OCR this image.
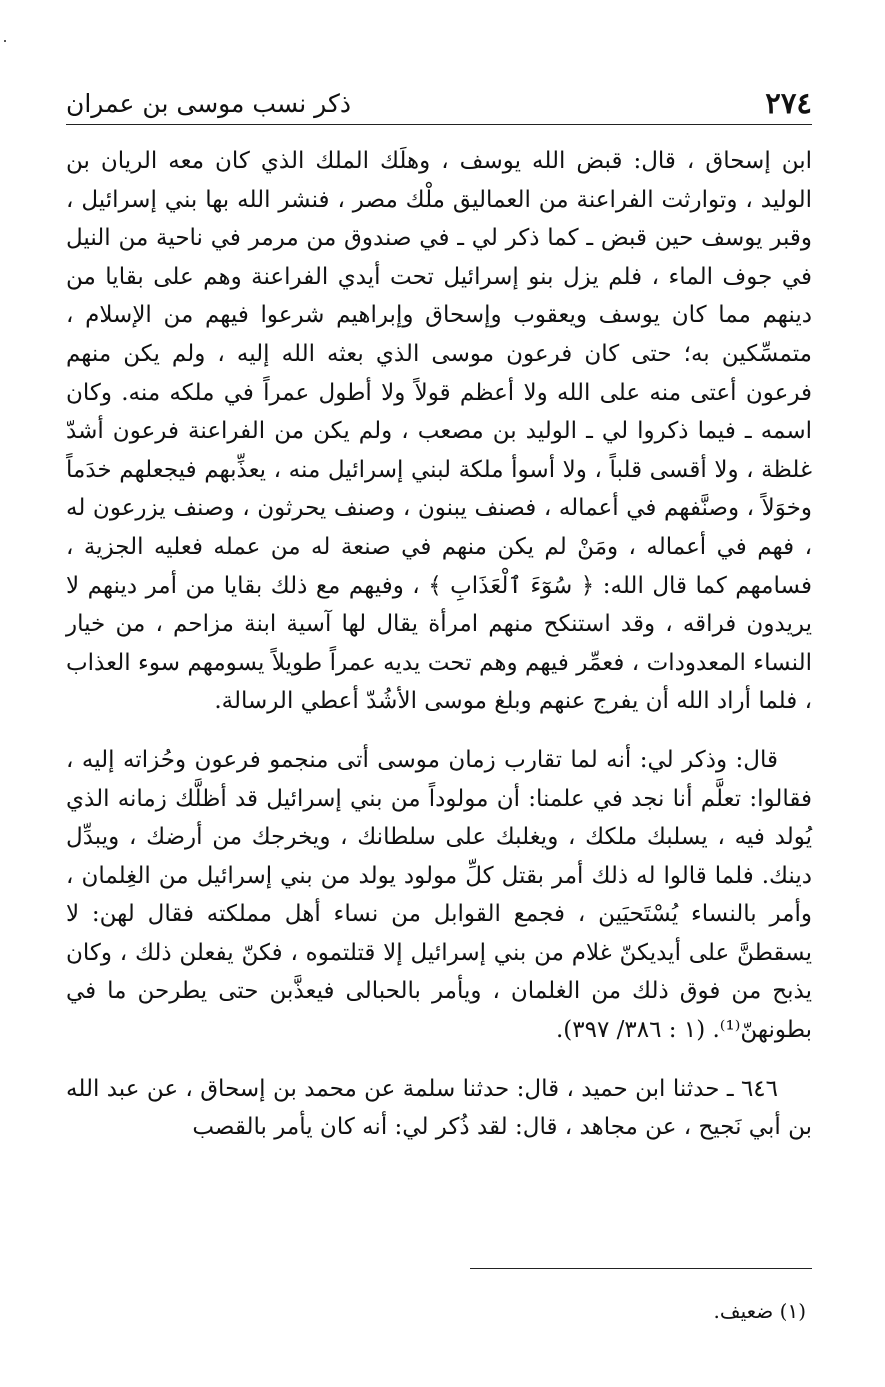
٢٧٤
ذكر نسب موسى بن عمران

ابن إسحاق ، قال: قبض الله يوسف ، وهلَك الملك الذي كان معه الريان بن الوليد ، وتوارثت الفراعنة من العماليق ملْك مصر ، فنشر الله بها بني إسرائيل ، وقبر يوسف حين قبض ـ كما ذكر لي ـ في صندوق من مرمر في ناحية من النيل في جوف الماء ، فلم يزل بنو إسرائيل تحت أيدي الفراعنة وهم على بقايا من دينهم مما كان يوسف ويعقوب وإسحاق وإبراهيم شرعوا فيهم من الإسلام ، متمسِّكين به؛ حتى كان فرعون موسى الذي بعثه الله إليه ، ولم يكن منهم فرعون أعتى منه على الله ولا أعظم قولاً ولا أطول عمراً في ملكه منه. وكان اسمه ـ فيما ذكروا لي ـ الوليد بن مصعب ، ولم يكن من الفراعنة فرعون أشدّ غلظة ، ولا أقسى قلباً ، ولا أسوأ ملكة لبني إسرائيل منه ، يعذِّبهم فيجعلهم خدَماً وخوَلاً ، وصنَّفهم في أعماله ، فصنف يبنون ، وصنف يحرثون ، وصنف يزرعون له ، فهم في أعماله ، ومَنْ لم يكن منهم في صنعة له من عمله فعليه الجزية ، فسامهم كما قال الله: ﴿ سُوٓءَ ٱلْعَذَابِ ﴾ ، وفيهم مع ذلك بقايا من أمر دينهم لا يريدون فراقه ، وقد استنكح منهم امرأة يقال لها آسية ابنة مزاحم ، من خيار النساء المعدودات ، فعمِّر فيهم وهم تحت يديه عمراً طويلاً يسومهم سوء العذاب ، فلما أراد الله أن يفرج عنهم وبلغ موسى الأشُدّ أعطي الرسالة.

قال: وذكر لي: أنه لما تقارب زمان موسى أتى منجمو فرعون وحُزاته إليه ، فقالوا: تعلَّم أنا نجد في علمنا: أن مولوداً من بني إسرائيل قد أظلَّك زمانه الذي يُولد فيه ، يسلبك ملكك ، ويغلبك على سلطانك ، ويخرجك من أرضك ، ويبدِّل دينك. فلما قالوا له ذلك أمر بقتل كلِّ مولود يولد من بني إسرائيل من الغِلمان ، وأمر بالنساء يُسْتَحيَين ، فجمع القوابل من نساء أهل مملكته فقال لهن: لا يسقطنَّ على أيديكنّ غلام من بني إسرائيل إلا قتلتموه ، فكنّ يفعلن ذلك ، وكان يذبح من فوق ذلك من الغلمان ، ويأمر بالحبالى فيعذَّبن حتى يطرحن ما في بطونهنّ⁽¹⁾. (١ : ٣٨٦/ ٣٩٧).

٦٤٦ ـ حدثنا ابن حميد ، قال: حدثنا سلمة عن محمد بن إسحاق ، عن عبد الله بن أبي نَجيح ، عن مجاهد ، قال: لقد ذُكر لي: أنه كان يأمر بالقصب

(١) ضعيف.
